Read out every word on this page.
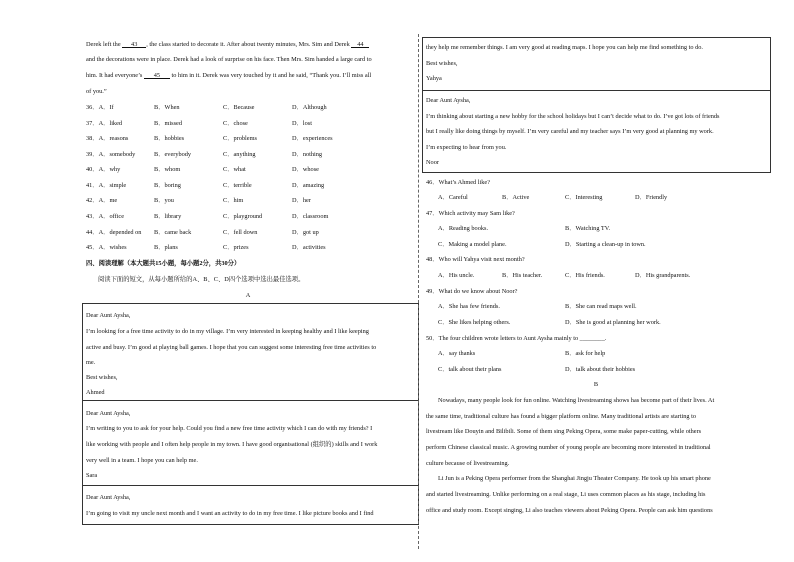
Derek left the 43 , the class started to decorate it. After about twenty minutes, Mrs. Sim and Derek 44
and the decorations were in place. Derek had a look of surprise on his face. Then Mrs. Sim handed a large card to
him. It had everyone’s 45 to him in it. Derek was very touched by it and he said, “Thank you. I’ll miss all
of you.”
36．A．If	B．When	C．Because	D．Although
37．A．liked	B．missed	C．chose	D．lost
38．A．reasons	B．hobbies	C．problems	D．experiences
39．A．somebody	B．everybody	C．anything	D．nothing
40．A．why	B．whom	C．what	D．whose
41．A．simple	B．boring	C．terrible	D．amazing
42．A．me	B．you	C．him	D．her
43．A．office	B．library	C．playground	D．classroom
44．A．depended on B．came back	C．fell down	D．got up
45．A．wishes	B．plans	C．prizes	D．activities
四、阅读理解（本大题共15小题，每小题2分，共30分）
阅读下面的短文，从每小题所给的A、B、C、D四个选项中选出最佳选项。
A
Dear Aunt Aysha,
I’m looking for a free time activity to do in my village. I’m very interested in keeping healthy and I like keeping
active and busy. I’m good at playing ball games. I hope that you can suggest some interesting free time activities to
me.
Best wishes,
Ahmed
Dear Aunt Aysha,
I’m writing to you to ask for your help. Could you find a new free time activity which I can do with my friends? I
like working with people and I often help people in my town. I have good organisational (组织的) skills and I work
very well in a team. I hope you can help me.
Sara
Dear Aunt Aysha,
I’m going to visit my uncle next month and I want an activity to do in my free time. I like picture books and I find
they help me remember things. I am very good at reading maps. I hope you can help me find something to do.
Best wishes,
Yahya
Dear Aunt Aysha,
I’m thinking about starting a new hobby for the school holidays but I can’t decide what to do. I’ve got lots of friends
but I really like doing things by myself. I’m very careful and my teacher says I’m very good at planning my work.
I’m expecting to hear from you.
Noor
46．What’s Ahmed like?
A．Careful	B．Active	C．Interesting	D．Friendly
47．Which activity may Sam like?
A．Reading books.	B．Watching TV.
C．Making a model plane.	D．Starting a clean-up in town.
48．Who will Yahya visit next month?
A．His uncle.	B．His teacher.	C．His friends.	D．His grandparents.
49．What do we know about Noor?
A．She has few friends.	B．She can read maps well.
C．She likes helping others.	D．She is good at planning her work.
50．The four children wrote letters to Aunt Aysha mainly to ________.
A．say thanks	B．ask for help
C．talk about their plans	D．talk about their hobbies
B
Nowadays, many people look for fun online. Watching livestreaming shows has become part of their lives. At
the same time, traditional culture has found a bigger platform online. Many traditional artists are starting to
livestream like Douyin and Bilibili. Some of them sing Peking Opera, some make paper-cutting, while others
perform Chinese classical music. A growing number of young people are becoming more interested in traditional
culture because of livestreaming.
Li Jun is a Peking Opera performer from the Shanghai Jingju Theater Company. He took up his smart phone
and started livestreaming. Unlike performing on a real stage, Li uses common places as his stage, including his
office and study room. Except singing, Li also teaches viewers about Peking Opera. People can ask him questions
